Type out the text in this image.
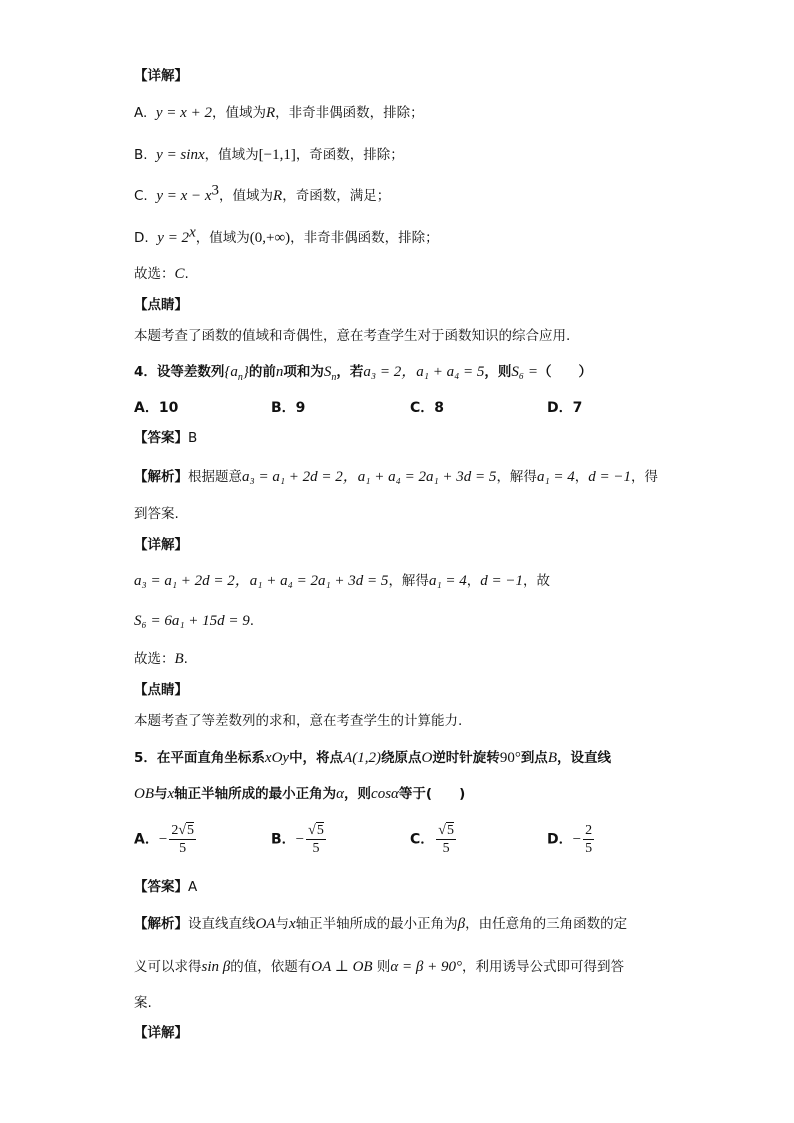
【详解】
A. y = x + 2，值域为R，非奇非偶函数，排除；
B. y = sinx，值域为[−1,1]，奇函数，排除；
C. $y = x - x^3$，值域为R，奇函数，满足；
D. $y = 2^x$，值域为(0,+∞)，非奇非偶函数，排除；
故选：C.
【点睛】
本题考查了函数的值域和奇偶性，意在考查学生对于函数知识的综合应用.
4．设等差数列$\{a_n\}$的前n项和为$S_n$，若a₃ = 2，a₁ + a₄ = 5，则S₆ =（　　）
A．10	B．9	C．8	D．7
【答案】B
【解析】根据题意a₃ = a₁ + 2d = 2，a₁ + a₄ = 2a₁ + 3d = 5，解得a₁ = 4，d = −1，得
到答案.
【详解】
a₃ = a₁ + 2d = 2，a₁ + a₄ = 2a₁ + 3d = 5，解得a₁ = 4，d = −1，故
S₆ = 6a₁ + 15d = 9.
故选：B.
【点睛】
本题考查了等差数列的求和，意在考查学生的计算能力.
5．在平面直角坐标系xOy中，将点A(1,2)绕原点O逆时针旋转90°到点B，设直线
OB与x轴正半轴所成的最小正角为α，则cosα等于(　　)
A．− $\frac{2√5}{5}$	B．− $\frac{√5}{5}$	C． $\frac{√5}{5}$	D．− $\frac{2}{5}$
【答案】A
【解析】设直线直线OA与x轴正半轴所成的最小正角为β，由任意角的三角函数的定
义可以求得sin β的值，依题有OA ⊥ OB 则α = β + 90°，利用诱导公式即可得到答
案.
【详解】
